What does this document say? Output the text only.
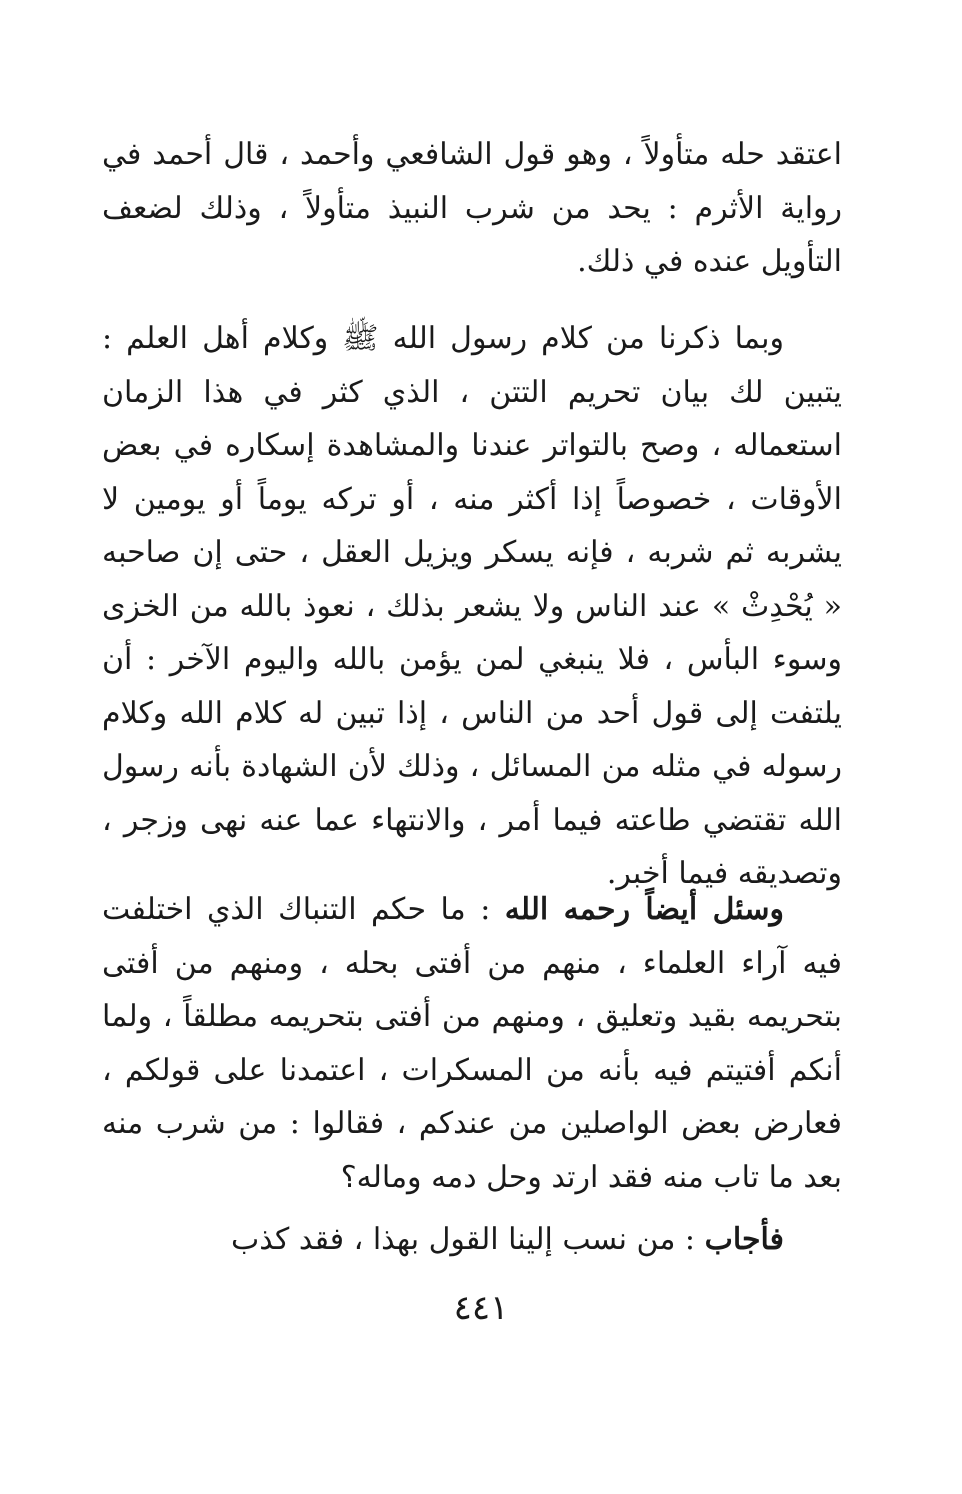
اعتقد حله متأولاً ، وهو قول الشافعي وأحمد ، قال أحمد في رواية الأثرم : يحد من شرب النبيذ متأولاً ، وذلك لضعف التأويل عنده في ذلك.

وبما ذكرنا من كلام رسول الله ﷺ وكلام أهل العلم : يتبين لك بيان تحريم التتن ، الذي كثر في هذا الزمان استعماله ، وصح بالتواتر عندنا والمشاهدة إسكاره في بعض الأوقات ، خصوصاً إذا أكثر منه ، أو تركه يوماً أو يومين لا يشربه ثم شربه ، فإنه يسكر ويزيل العقل ، حتى إن صاحبه « يُحْدِثْ » عند الناس ولا يشعر بذلك ، نعوذ بالله من الخزى وسوء البأس ، فلا ينبغي لمن يؤمن بالله واليوم الآخر : أن يلتفت إلى قول أحد من الناس ، إذا تبين له كلام الله وكلام رسوله في مثله من المسائل ، وذلك لأن الشهادة بأنه رسول الله تقتضي طاعته فيما أمر ، والانتهاء عما عنه نهى وزجر ، وتصديقه فيما أخبر.

وسئل أيضاً رحمه الله : ما حكم التنباك الذي اختلفت فيه آراء العلماء ، منهم من أفتى بحله ، ومنهم من أفتى بتحريمه بقيد وتعليق ، ومنهم من أفتى بتحريمه مطلقاً ، ولما أنكم أفتيتم فيه بأنه من المسكرات ، اعتمدنا على قولكم ، فعارض بعض الواصلين من عندكم ، فقالوا : من شرب منه بعد ما تاب منه فقد ارتد وحل دمه وماله؟

فأجاب : من نسب إلينا القول بهذا ، فقد كذب

٤٤١
